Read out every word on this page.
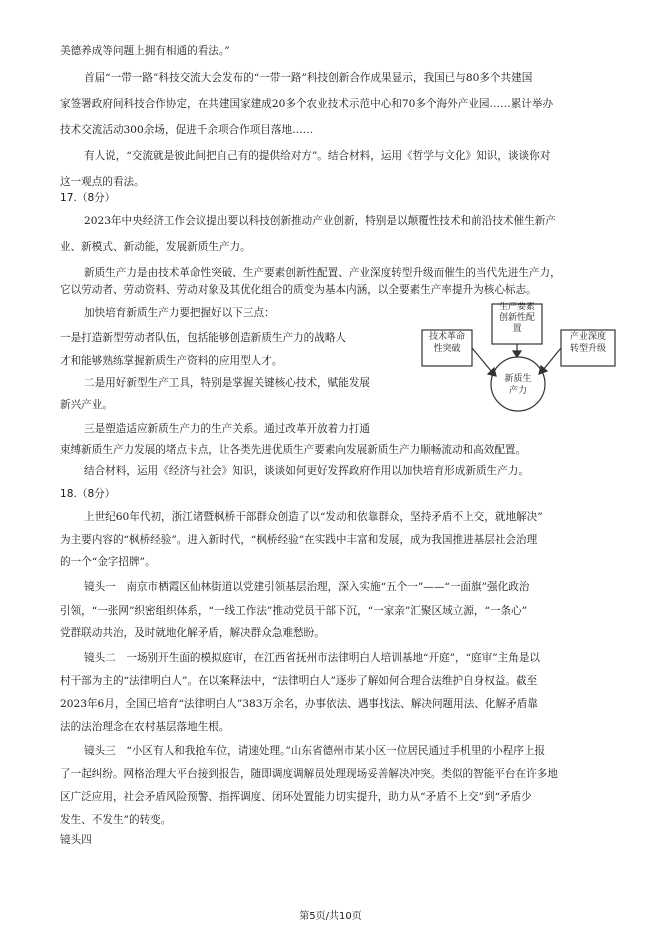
美德养成等问题上拥有相通的看法。”
首届“一带一路”科技交流大会发布的“一带一路”科技创新合作成果显示，我国已与80多个共建国
家签署政府间科技合作协定，在共建国家建成20多个农业技术示范中心和70多个海外产业园……累计举办
技术交流活动300余场，促进千余项合作项目落地……
有人说，“交流就是彼此间把自己有的提供给对方”。结合材料，运用《哲学与文化》知识，谈谈你对
这一观点的看法。
17.（8分）
2023年中央经济工作会议提出要以科技创新推动产业创新，特别是以颠覆性技术和前沿技术催生新产
业、新模式、新动能，发展新质生产力。
新质生产力是由技术革命性突破、生产要素创新性配置、产业深度转型升级而催生的当代先进生产力，
它以劳动者、劳动资料、劳动对象及其优化组合的质变为基本内涵，以全要素生产率提升为核心标志。
加快培育新质生产力要把握好以下三点：
一是打造新型劳动者队伍，包括能够创造新质生产力的战略人
才和能够熟练掌握新质生产资料的应用型人才。
二是用好新型生产工具，特别是掌握关键核心技术，赋能发展
新兴产业。
三是塑造适应新质生产力的生产关系。通过改革开放着力打通
束缚新质生产力发展的堵点卡点，让各类先进优质生产要素向发展新质生产力顺畅流动和高效配置。
结合材料，运用《经济与社会》知识，谈谈如何更好发挥政府作用以加快培育形成新质生产力。
18.（8分）
上世纪60年代初，浙江诸暨枫桥干部群众创造了以“发动和依靠群众，坚持矛盾不上交，就地解决”
为主要内容的“枫桥经验”。进入新时代，“枫桥经验”在实践中丰富和发展，成为我国推进基层社会治理
的一个“金字招牌”。
镜头一　南京市栖霞区仙林街道以党建引领基层治理，深入实施“五个一”——“一面旗”强化政治
引领，“一张网”织密组织体系，“一线工作法”推动党员干部下沉，“一家亲”汇聚区域立源，“一条心”
党群联动共治，及时就地化解矛盾，解决群众急难愁盼。
镜头二　一场别开生面的模拟庭审，在江西省抚州市法律明白人培训基地“开庭”，“庭审”主角是以
村干部为主的“法律明白人”。在以案释法中，“法律明白人”逐步了解如何合理合法维护自身权益。截至
2023年6月，全国已培育“法律明白人”383万余名，办事依法、遇事找法、解决问题用法、化解矛盾靠
法的法治理念在农村基层落地生根。
镜头三　“小区有人和我抢车位，请速处理。”山东省德州市某小区一位居民通过手机里的小程序上报
了一起纠纷。网格治理大平台接到报告，随即调度调解员处理现场妥善解决冲突。类似的智能平台在许多地
区广泛应用，社会矛盾风险预警、指挥调度、闭环处置能力切实提升，助力从“矛盾不上交”到“矛盾少
发生、不发生”的转变。
镜头四
技术革命性突破
生产要素创新性配置
产业深度转型升级
新质生产力
第5页/共10页
